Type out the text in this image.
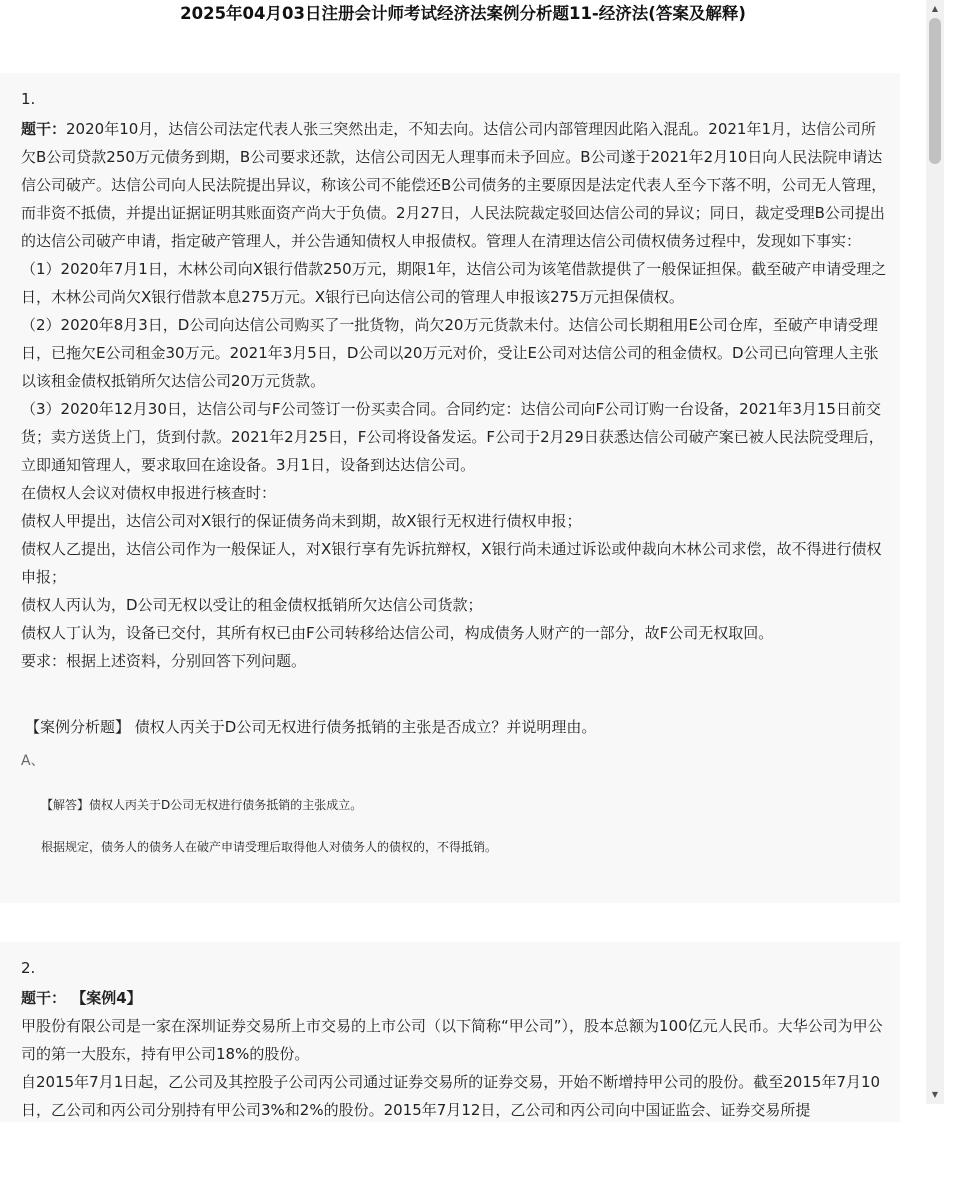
2025年04月03日注册会计师考试经济法案例分析题11-经济法(答案及解释)
1.

题干：2020年10月，达信公司法定代表人张三突然出走，不知去向。达信公司内部管理因此陷入混乱。2021年1月，达信公司所欠B公司贷款250万元债务到期，B公司要求还款，达信公司因无人理事而未予回应。B公司遂于2021年2月10日向人民法院申请达信公司破产。达信公司向人民法院提出异议，称该公司不能偿还B公司债务的主要原因是法定代表人至今下落不明，公司无人管理，而非资不抵债，并提出证据证明其账面资产尚大于负债。2月27日，人民法院裁定驳回达信公司的异议；同日，裁定受理B公司提出的达信公司破产申请，指定破产管理人，并公告通知债权人申报债权。管理人在清理达信公司债权债务过程中，发现如下事实：

（1）2020年7月1日，木林公司向X银行借款250万元，期限1年，达信公司为该笔借款提供了一般保证担保。截至破产申请受理之日，木林公司尚欠X银行借款本息275万元。X银行已向达信公司的管理人申报该275万元担保债权。

（2）2020年8月3日，D公司向达信公司购买了一批货物，尚欠20万元货款未付。达信公司长期租用E公司仓库，至破产申请受理日，已拖欠E公司租金30万元。2021年3月5日，D公司以20万元对价，受让E公司对达信公司的租金债权。D公司已向管理人主张以该租金债权抵销所欠达信公司20万元货款。

（3）2020年12月30日，达信公司与F公司签订一份买卖合同。合同约定：达信公司向F公司订购一台设备，2021年3月15日前交货；卖方送货上门，货到付款。2021年2月25日，F公司将设备发运。F公司于2月29日获悉达信公司破产案已被人民法院受理后，立即通知管理人，要求取回在途设备。3月1日，设备到达达信公司。

在债权人会议对债权申报进行核查时：

债权人甲提出，达信公司对X银行的保证债务尚未到期，故X银行无权进行债权申报；

债权人乙提出，达信公司作为一般保证人，对X银行享有先诉抗辩权，X银行尚未通过诉讼或仲裁向木林公司求偿，故不得进行债权申报；

债权人丙认为，D公司无权以受让的租金债权抵销所欠达信公司货款；

债权人丁认为，设备已交付，其所有权已由F公司转移给达信公司，构成债务人财产的一部分，故F公司无权取回。

要求：根据上述资料，分别回答下列问题。

【案例分析题】 债权人丙关于D公司无权进行债务抵销的主张是否成立？并说明理由。
A、
【解答】债权人丙关于D公司无权进行债务抵销的主张成立。
根据规定，债务人的债务人在破产申请受理后取得他人对债务人的债权的，不得抵销。
2.

题干： 【案例4】

甲股份有限公司是一家在深圳证券交易所上市交易的上市公司（以下简称“甲公司”），股本总额为100亿元人民币。大华公司为甲公司的第一大股东，持有甲公司18%的股份。

自2015年7月1日起，乙公司及其控股子公司丙公司通过证券交易所的证券交易，开始不断增持甲公司的股份。截至2015年7月10日，乙公司和丙公司分别持有甲公司3%和2%的股份。2015年7月12日，乙公司和丙公司向中国证监会、证券交易所提

▲
▼
